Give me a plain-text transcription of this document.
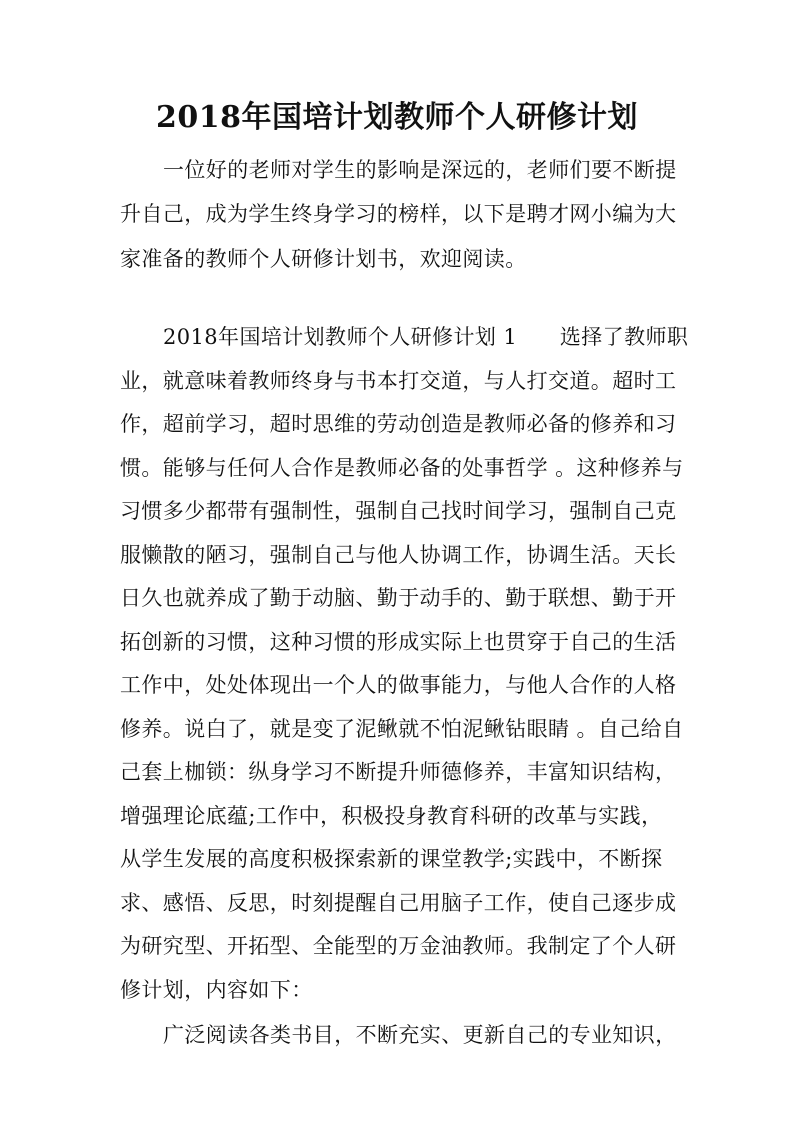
2018年国培计划教师个人研修计划
一位好的老师对学生的影响是深远的，老师们要不断提
升自己，成为学生终身学习的榜样，以下是聘才网小编为大
家准备的教师个人研修计划书，欢迎阅读。
2018年国培计划教师个人研修计划 1　　选择了教师职
业，就意味着教师终身与书本打交道，与人打交道。超时工
作，超前学习，超时思维的劳动创造是教师必备的修养和习
惯。能够与任何人合作是教师必备的处事哲学 。这种修养与
习惯多少都带有强制性，强制自己找时间学习，强制自己克
服懒散的陋习，强制自己与他人协调工作，协调生活。天长
日久也就养成了勤于动脑、勤于动手的、勤于联想、勤于开
拓创新的习惯，这种习惯的形成实际上也贯穿于自己的生活
工作中，处处体现出一个人的做事能力，与他人合作的人格
修养。说白了，就是变了泥鳅就不怕泥鳅钻眼睛 。自己给自
己套上枷锁：纵身学习不断提升师德修养，丰富知识结构，
增强理论底蕴;工作中，积极投身教育科研的改革与实践，
从学生发展的高度积极探索新的课堂教学;实践中，不断探
求、感悟、反思，时刻提醒自己用脑子工作，使自己逐步成
为研究型、开拓型、全能型的万金油教师。我制定了个人研
修计划，内容如下：
广泛阅读各类书目，不断充实、更新自己的专业知识，
